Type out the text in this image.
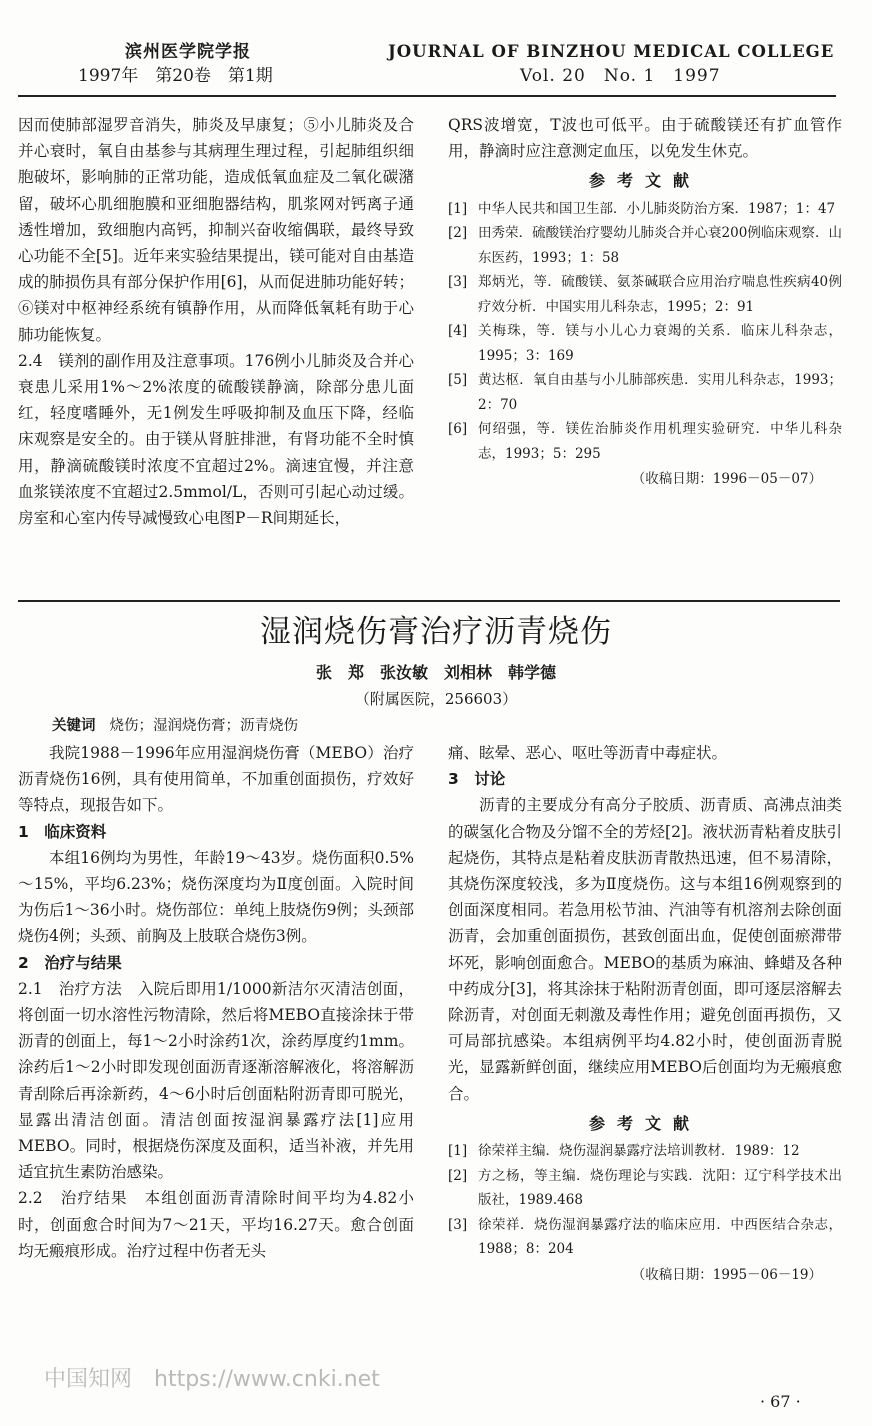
滨州医学院学报
1997年　第20卷　第1期
JOURNAL OF BINZHOU MEDICAL COLLEGE
Vol. 20　No. 1　1997

因而使肺部湿罗音消失，肺炎及早康复；⑤小儿肺炎及合并心衰时，氧自由基参与其病理生理过程，引起肺组织细胞破坏，影响肺的正常功能，造成低氧血症及二氧化碳潴留，破坏心肌细胞膜和亚细胞器结构，肌浆网对钙离子通透性增加，致细胞内高钙，抑制兴奋收缩偶联，最终导致心功能不全[5]。近年来实验结果提出，镁可能对自由基造成的肺损伤具有部分保护作用[6]，从而促进肺功能好转；⑥镁对中枢神经系统有镇静作用，从而降低氧耗有助于心肺功能恢复。

2.4　镁剂的副作用及注意事项。176例小儿肺炎及合并心衰患儿采用1%～2%浓度的硫酸镁静滴，除部分患儿面红，轻度嗜睡外，无1例发生呼吸抑制及血压下降，经临床观察是安全的。由于镁从肾脏排泄，有肾功能不全时慎用，静滴硫酸镁时浓度不宜超过2%。滴速宜慢，并注意血浆镁浓度不宜超过2.5mmol/L，否则可引起心动过缓。房室和心室内传导减慢致心电图P－R间期延长，

QRS波增宽，T波也可低平。由于硫酸镁还有扩血管作用，静滴时应注意测定血压，以免发生休克。

参考文献
[1] 中华人民共和国卫生部．小儿肺炎防治方案．1987；1：47
[2] 田秀荣．硫酸镁治疗婴幼儿肺炎合并心衰200例临床观察．山东医药，1993；1：58
[3] 郑炳光，等．硫酸镁、氨茶碱联合应用治疗喘息性疾病40例疗效分析．中国实用儿科杂志，1995；2：91
[4] 关梅珠，等．镁与小儿心力衰竭的关系．临床儿科杂志，1995；3：169
[5] 黄达枢．氧自由基与小儿肺部疾患．实用儿科杂志，1993；2：70
[6] 何绍强，等．镁佐治肺炎作用机理实验研究．中华儿科杂志，1993；5：295
（收稿日期：1996－05－07）
湿润烧伤膏治疗沥青烧伤
张　郑　张汝敏　刘相林　韩学德
（附属医院，256603）
关键词 烧伤；湿润烧伤膏；沥青烧伤

我院1988－1996年应用湿润烧伤膏（MEBO）治疗沥青烧伤16例，具有使用简单，不加重创面损伤，疗效好等特点，现报告如下。

1　临床资料

本组16例均为男性，年龄19～43岁。烧伤面积0.5%～15%，平均6.23%；烧伤深度均为Ⅱ度创面。入院时间为伤后1～36小时。烧伤部位：单纯上肢烧伤9例；头颈部烧伤4例；头颈、前胸及上肢联合烧伤3例。

2　治疗与结果

2.1　治疗方法　入院后即用1/1000新洁尔灭清洁创面，将创面一切水溶性污物清除，然后将MEBO直接涂抹于带沥青的创面上，每1～2小时涂药1次，涂药厚度约1mm。涂药后1～2小时即发现创面沥青逐渐溶解液化，将溶解沥青刮除后再涂新药，4～6小时后创面粘附沥青即可脱光，显露出清洁创面。清洁创面按湿润暴露疗法[1]应用MEBO。同时，根据烧伤深度及面积，适当补液，并先用适宜抗生素防治感染。

2.2　治疗结果　本组创面沥青清除时间平均为4.82小时，创面愈合时间为7～21天，平均16.27天。愈合创面均无瘢痕形成。治疗过程中伤者无头

痛、眩晕、恶心、呕吐等沥青中毒症状。

3　讨论

沥青的主要成分有高分子胶质、沥青质、高沸点油类的碳氢化合物及分馏不全的芳烃[2]。液状沥青粘着皮肤引起烧伤，其特点是粘着皮肤沥青散热迅速，但不易清除，其烧伤深度较浅，多为Ⅱ度烧伤。这与本组16例观察到的创面深度相同。若急用松节油、汽油等有机溶剂去除创面沥青，会加重创面损伤，甚致创面出血，促使创面瘀滞带坏死，影响创面愈合。MEBO的基质为麻油、蜂蜡及各种中药成分[3]，将其涂抹于粘附沥青创面，即可逐层溶解去除沥青，对创面无刺激及毒性作用；避免创面再损伤，又可局部抗感染。本组病例平均4.82小时，使创面沥青脱光，显露新鲜创面，继续应用MEBO后创面均为无瘢痕愈合。

参考文献
[1] 徐荣祥主编．烧伤湿润暴露疗法培训教材．1989：12
[2] 方之杨，等主编．烧伤理论与实践．沈阳：辽宁科学技术出版社，1989.468
[3] 徐荣祥．烧伤湿润暴露疗法的临床应用．中西医结合杂志，1988；8：204
（收稿日期：1995－06－19）
中国知网　https://www.cnki.net
· 67 ·
